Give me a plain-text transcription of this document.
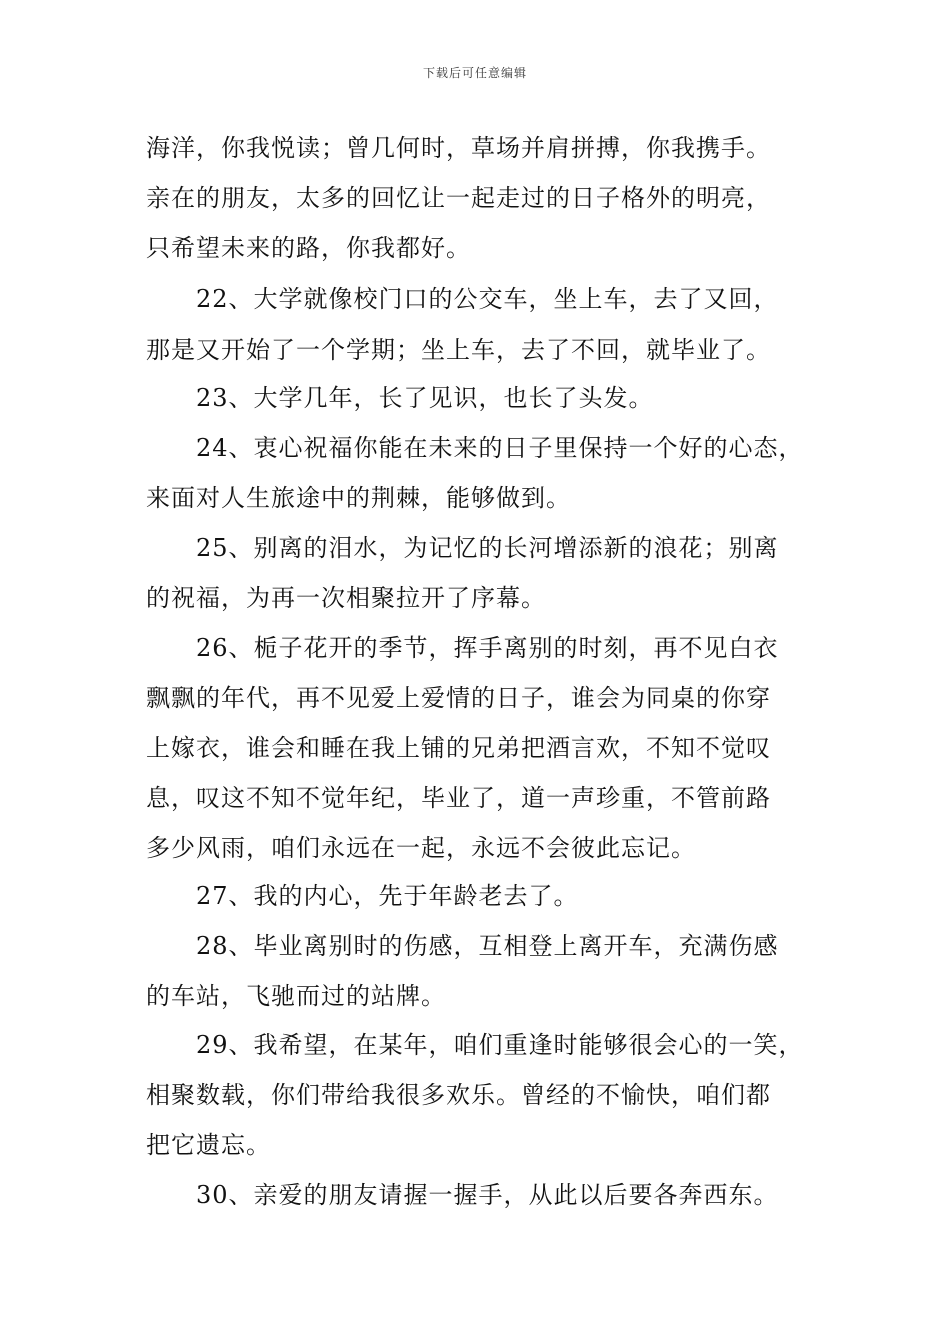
下载后可任意编辑
海洋，你我悦读；曾几何时，草场并肩拼搏，你我携手。
亲在的朋友，太多的回忆让一起走过的日子格外的明亮，
只希望未来的路，你我都好。
22、大学就像校门口的公交车，坐上车，去了又回，
那是又开始了一个学期；坐上车，去了不回，就毕业了。
23、大学几年，长了见识，也长了头发。
24、衷心祝福你能在未来的日子里保持一个好的心态，
来面对人生旅途中的荆棘，能够做到。
25、别离的泪水，为记忆的长河增添新的浪花；别离
的祝福，为再一次相聚拉开了序幕。
26、栀子花开的季节，挥手离别的时刻，再不见白衣
飘飘的年代，再不见爱上爱情的日子，谁会为同桌的你穿
上嫁衣，谁会和睡在我上铺的兄弟把酒言欢，不知不觉叹
息，叹这不知不觉年纪，毕业了，道一声珍重，不管前路
多少风雨，咱们永远在一起，永远不会彼此忘记。
27、我的内心，先于年龄老去了。
28、毕业离别时的伤感，互相登上离开车，充满伤感
的车站，飞驰而过的站牌。
29、我希望，在某年，咱们重逢时能够很会心的一笑，
相聚数载，你们带给我很多欢乐。曾经的不愉快，咱们都
把它遗忘。
30、亲爱的朋友请握一握手，从此以后要各奔西东。
